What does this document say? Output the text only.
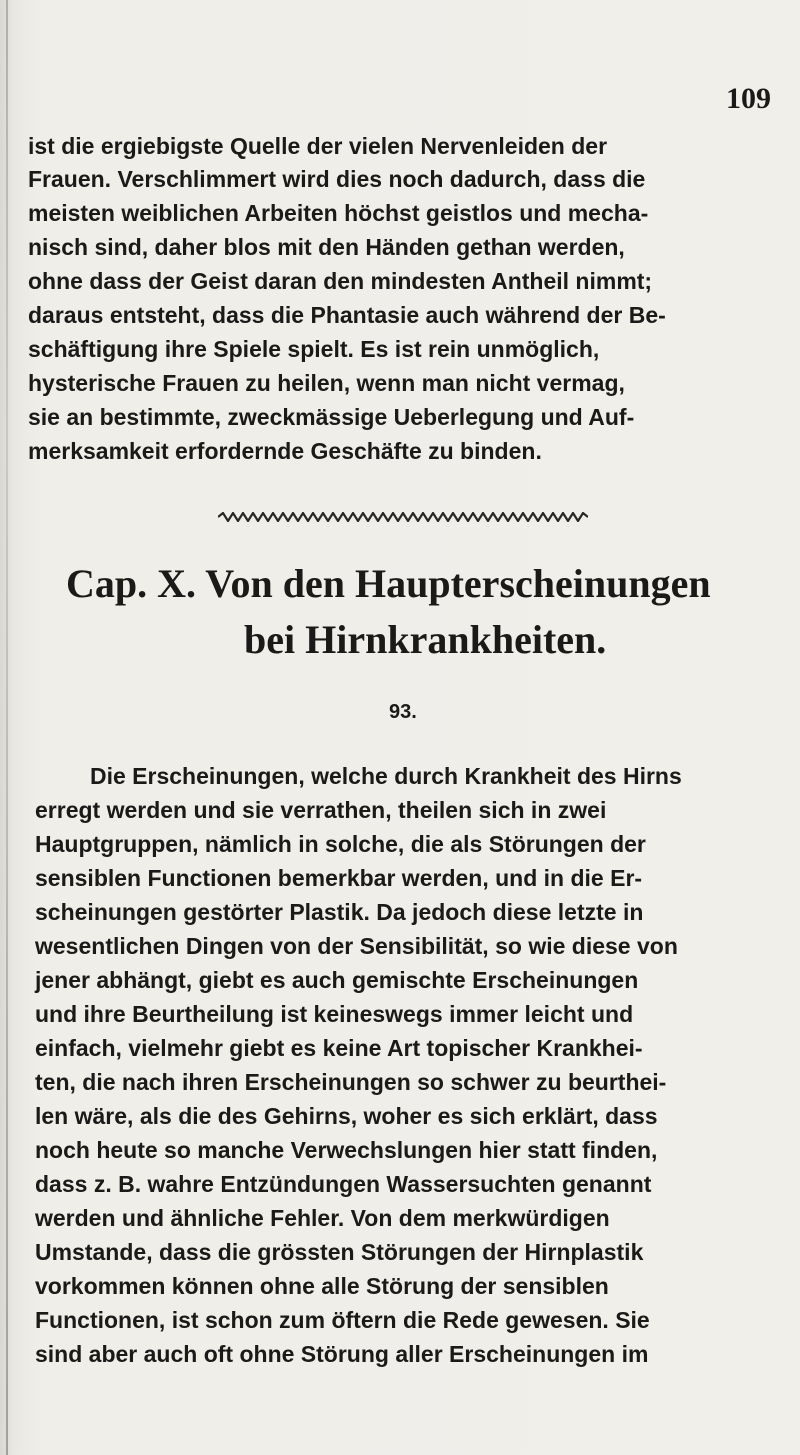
109
ist die ergiebigste Quelle der vielen Nervenleiden der
Frauen. Verschlimmert wird dies noch dadurch, dass die
meisten weiblichen Arbeiten höchst geistlos und mecha-
nisch sind, daher blos mit den Händen gethan werden,
ohne dass der Geist daran den mindesten Antheil nimmt;
daraus entsteht, dass die Phantasie auch während der Be-
schäftigung ihre Spiele spielt. Es ist rein unmöglich,
hysterische Frauen zu heilen, wenn man nicht vermag,
sie an bestimmte, zweckmässige Ueberlegung und Auf-
merksamkeit erfordernde Geschäfte zu binden.
Cap. X. Von den Haupterscheinungen
bei Hirnkrankheiten.
93.
Die Erscheinungen, welche durch Krankheit des Hirns
erregt werden und sie verrathen, theilen sich in zwei
Hauptgruppen, nämlich in solche, die als Störungen der
sensiblen Functionen bemerkbar werden, und in die Er-
scheinungen gestörter Plastik. Da jedoch diese letzte in
wesentlichen Dingen von der Sensibilität, so wie diese von
jener abhängt, giebt es auch gemischte Erscheinungen
und ihre Beurtheilung ist keineswegs immer leicht und
einfach, vielmehr giebt es keine Art topischer Krankhei-
ten, die nach ihren Erscheinungen so schwer zu beurthei-
len wäre, als die des Gehirns, woher es sich erklärt, dass
noch heute so manche Verwechslungen hier statt finden,
dass z. B. wahre Entzündungen Wassersuchten genannt
werden und ähnliche Fehler. Von dem merkwürdigen
Umstande, dass die grössten Störungen der Hirnplastik
vorkommen können ohne alle Störung der sensiblen
Functionen, ist schon zum öftern die Rede gewesen. Sie
sind aber auch oft ohne Störung aller Erscheinungen im
